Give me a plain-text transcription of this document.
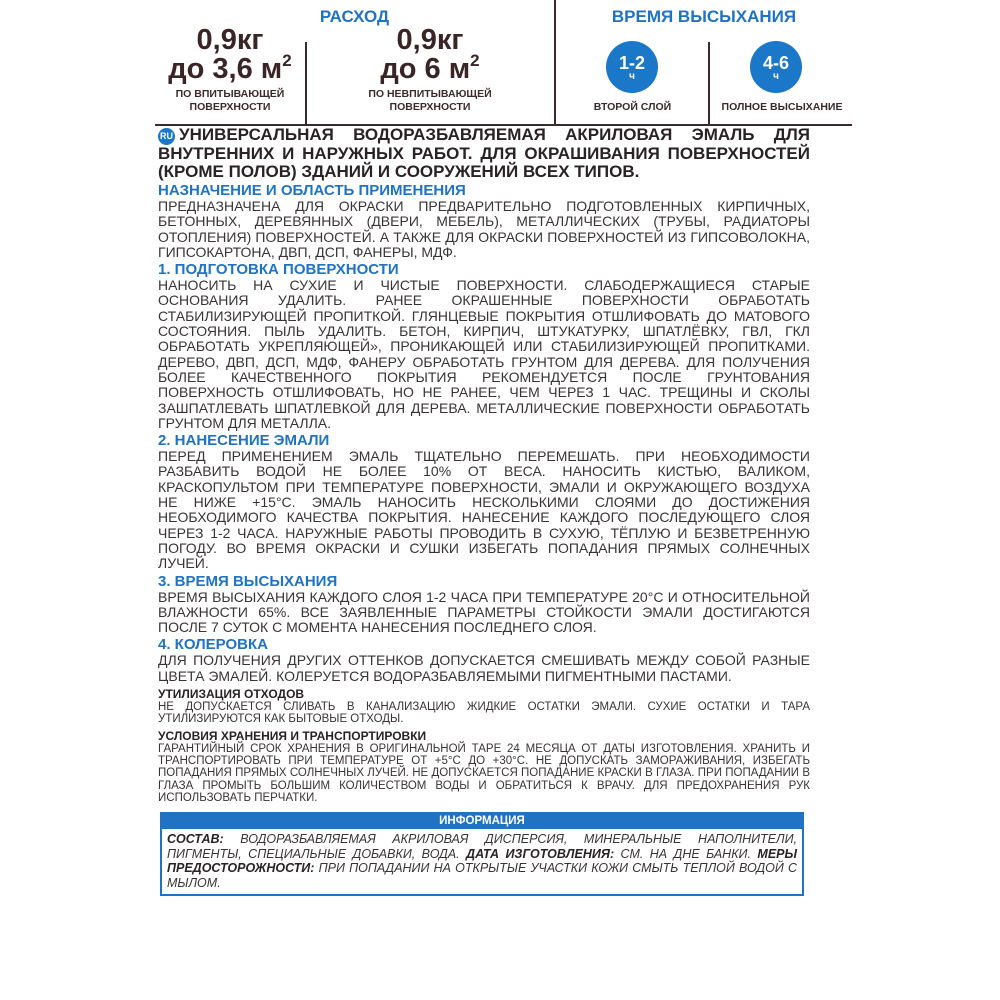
РАСХОД
0,9кг
до 3,6 $м^2$
ПО ВПИТЫВАЮЩЕЙ
ПОВЕРХНОСТИ
0,9кг
до 6 $м^2$
ПО НЕВПИТЫВАЮЩЕЙ
ПОВЕРХНОСТИ
ВРЕМЯ ВЫСЫХАНИЯ
1-2
ч
ВТОРОЙ СЛОЙ
4-6
ч
ПОЛНОЕ ВЫСЫХАНИЕ

RU УНИВЕРСАЛЬНАЯ ВОДОРАЗБАВЛЯЕМАЯ АКРИЛОВАЯ ЭМАЛЬ ДЛЯ ВНУТРЕННИХ И НАРУЖНЫХ РАБОТ. ДЛЯ ОКРАШИВАНИЯ ПОВЕРХНОСТЕЙ (КРОМЕ ПОЛОВ) ЗДАНИЙ И СООРУЖЕНИЙ ВСЕХ ТИПОВ.

НАЗНАЧЕНИЕ И ОБЛАСТЬ ПРИМЕНЕНИЯ

ПРЕДНАЗНАЧЕНА ДЛЯ ОКРАСКИ ПРЕДВАРИТЕЛЬНО ПОДГОТОВЛЕННЫХ КИРПИЧНЫХ, БЕТОННЫХ, ДЕРЕВЯННЫХ (ДВЕРИ, МЕБЕЛЬ), МЕТАЛЛИЧЕСКИХ (ТРУБЫ, РАДИАТОРЫ ОТОПЛЕНИЯ) ПОВЕРХНОСТЕЙ. А ТАКЖЕ ДЛЯ ОКРАСКИ ПОВЕРХНОСТЕЙ ИЗ ГИПСОВОЛОКНА, ГИПСОКАРТОНА, ДВП, ДСП, ФАНЕРЫ, МДФ.

1. ПОДГОТОВКА ПОВЕРХНОСТИ

НАНОСИТЬ НА СУХИЕ И ЧИСТЫЕ ПОВЕРХНОСТИ. СЛАБОДЕРЖАЩИЕСЯ СТАРЫЕ ОСНОВАНИЯ УДАЛИТЬ. РАНЕЕ ОКРАШЕННЫЕ ПОВЕРХНОСТИ ОБРАБОТАТЬ СТАБИЛИЗИРУЮЩЕЙ ПРОПИТКОЙ. ГЛЯНЦЕВЫЕ ПОКРЫТИЯ ОТШЛИФОВАТЬ ДО МАТОВОГО СОСТОЯНИЯ. ПЫЛЬ УДАЛИТЬ. БЕТОН, КИРПИЧ, ШТУКАТУРКУ, ШПАТЛЁВКУ, ГВЛ, ГКЛ ОБРАБОТАТЬ УКРЕПЛЯЮЩЕЙ», ПРОНИКАЮЩЕЙ ИЛИ СТАБИЛИЗИРУЮЩЕЙ ПРОПИТКАМИ. ДЕРЕВО, ДВП, ДСП, МДФ, ФАНЕРУ ОБРАБОТАТЬ ГРУНТОМ ДЛЯ ДЕРЕВА. ДЛЯ ПОЛУЧЕНИЯ БОЛЕЕ КАЧЕСТВЕННОГО ПОКРЫТИЯ РЕКОМЕНДУЕТСЯ ПОСЛЕ ГРУНТОВАНИЯ ПОВЕРХНОСТЬ ОТШЛИФОВАТЬ, НО НЕ РАНЕЕ, ЧЕМ ЧЕРЕЗ 1 ЧАС. ТРЕЩИНЫ И СКОЛЫ ЗАШПАТЛЕВАТЬ ШПАТЛЕВКОЙ ДЛЯ ДЕРЕВА. МЕТАЛЛИЧЕСКИЕ ПОВЕРХНОСТИ ОБРАБОТАТЬ ГРУНТОМ ДЛЯ МЕТАЛЛА.

2. НАНЕСЕНИЕ ЭМАЛИ

ПЕРЕД ПРИМЕНЕНИЕМ ЭМАЛЬ ТЩАТЕЛЬНО ПЕРЕМЕШАТЬ. ПРИ НЕОБХОДИМОСТИ РАЗБАВИТЬ ВОДОЙ НЕ БОЛЕЕ 10% ОТ ВЕСА. НАНОСИТЬ КИСТЬЮ, ВАЛИКОМ, КРАСКОПУЛЬТОМ ПРИ ТЕМПЕРАТУРЕ ПОВЕРХНОСТИ, ЭМАЛИ И ОКРУЖАЮЩЕГО ВОЗДУХА НЕ НИЖЕ +15°С. ЭМАЛЬ НАНОСИТЬ НЕСКОЛЬКИМИ СЛОЯМИ ДО ДОСТИЖЕНИЯ НЕОБХОДИМОГО КАЧЕСТВА ПОКРЫТИЯ. НАНЕСЕНИЕ КАЖДОГО ПОСЛЕДУЮЩЕГО СЛОЯ ЧЕРЕЗ 1-2 ЧАСА. НАРУЖНЫЕ РАБОТЫ ПРОВОДИТЬ В СУХУЮ, ТЁПЛУЮ И БЕЗВЕТРЕННУЮ ПОГОДУ. ВО ВРЕМЯ ОКРАСКИ И СУШКИ ИЗБЕГАТЬ ПОПАДАНИЯ ПРЯМЫХ СОЛНЕЧНЫХ ЛУЧЕЙ.

3. ВРЕМЯ ВЫСЫХАНИЯ

ВРЕМЯ ВЫСЫХАНИЯ КАЖДОГО СЛОЯ 1-2 ЧАСА ПРИ ТЕМПЕРАТУРЕ 20°С И ОТНОСИТЕЛЬНОЙ ВЛАЖНОСТИ 65%. ВСЕ ЗАЯВЛЕННЫЕ ПАРАМЕТРЫ СТОЙКОСТИ ЭМАЛИ ДОСТИГАЮТСЯ ПОСЛЕ 7 СУТОК С МОМЕНТА НАНЕСЕНИЯ ПОСЛЕДНЕГО СЛОЯ.

4. КОЛЕРОВКА

ДЛЯ ПОЛУЧЕНИЯ ДРУГИХ ОТТЕНКОВ ДОПУСКАЕТСЯ СМЕШИВАТЬ МЕЖДУ СОБОЙ РАЗНЫЕ ЦВЕТА ЭМАЛЕЙ. КОЛЕРУЕТСЯ ВОДОРАЗБАВЛЯЕМЫМИ ПИГМЕНТНЫМИ ПАСТАМИ.

УТИЛИЗАЦИЯ ОТХОДОВ

НЕ ДОПУСКАЕТСЯ СЛИВАТЬ В КАНАЛИЗАЦИЮ ЖИДКИЕ ОСТАТКИ ЭМАЛИ. СУХИЕ ОСТАТКИ И ТАРА УТИЛИЗИРУЮТСЯ КАК БЫТОВЫЕ ОТХОДЫ.

УСЛОВИЯ ХРАНЕНИЯ И ТРАНСПОРТИРОВКИ

ГАРАНТИЙНЫЙ СРОК ХРАНЕНИЯ В ОРИГИНАЛЬНОЙ ТАРЕ 24 МЕСЯЦА ОТ ДАТЫ ИЗГОТОВЛЕНИЯ. ХРАНИТЬ И ТРАНСПОРТИРОВАТЬ ПРИ ТЕМПЕРАТУРЕ ОТ +5°С ДО +30°С. НЕ ДОПУСКАТЬ ЗАМОРАЖИВАНИЯ, ИЗБЕГАТЬ ПОПАДАНИЯ ПРЯМЫХ СОЛНЕЧНЫХ ЛУЧЕЙ. НЕ ДОПУСКАЕТСЯ ПОПАДАНИЕ КРАСКИ В ГЛАЗА. ПРИ ПОПАДАНИИ В ГЛАЗА ПРОМЫТЬ БОЛЬШИМ КОЛИЧЕСТВОМ ВОДЫ И ОБРАТИТЬСЯ К ВРАЧУ. ДЛЯ ПРЕДОХРАНЕНИЯ РУК ИСПОЛЬЗОВАТЬ ПЕРЧАТКИ.

ИНФОРМАЦИЯ
СОСТАВ: ВОДОРАЗБАВЛЯЕМАЯ АКРИЛОВАЯ ДИСПЕРСИЯ, МИНЕРАЛЬНЫЕ НАПОЛНИТЕЛИ, ПИГМЕНТЫ, СПЕЦИАЛЬНЫЕ ДОБАВКИ, ВОДА. ДАТА ИЗГОТОВЛЕНИЯ: СМ. НА ДНЕ БАНКИ. МЕРЫ ПРЕДОСТОРОЖНОСТИ: ПРИ ПОПАДАНИИ НА ОТКРЫТЫЕ УЧАСТКИ КОЖИ СМЫТЬ ТЕПЛОЙ ВОДОЙ С МЫЛОМ.
